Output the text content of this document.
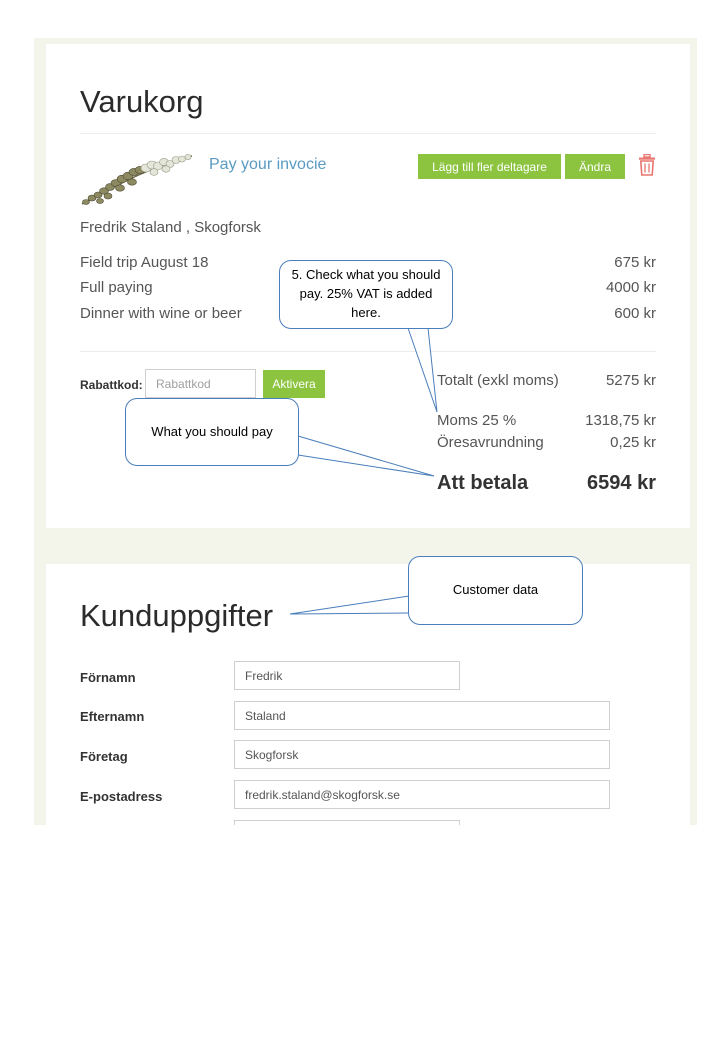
Varukorg
Pay your invocie	Lägg till fler deltagare	Ändra
Fredrik Staland , Skogforsk
Field trip August 18	675 kr
Full paying	4000 kr
Dinner with wine or beer	600 kr
Rabattkod:	Rabattkod	Aktivera	Totalt (exkl moms)	5275 kr
Moms 25 %	1318,75 kr
Öresavrundning	0,25 kr
Att betala	6594 kr
Kunduppgifter
Förnamn	Fredrik
Efternamn	Staland
Företag	Skogforsk
E-postadress	fredrik.staland@skogforsk.se
5. Check what you should pay. 25% VAT is added here.
What you should pay
Customer data
